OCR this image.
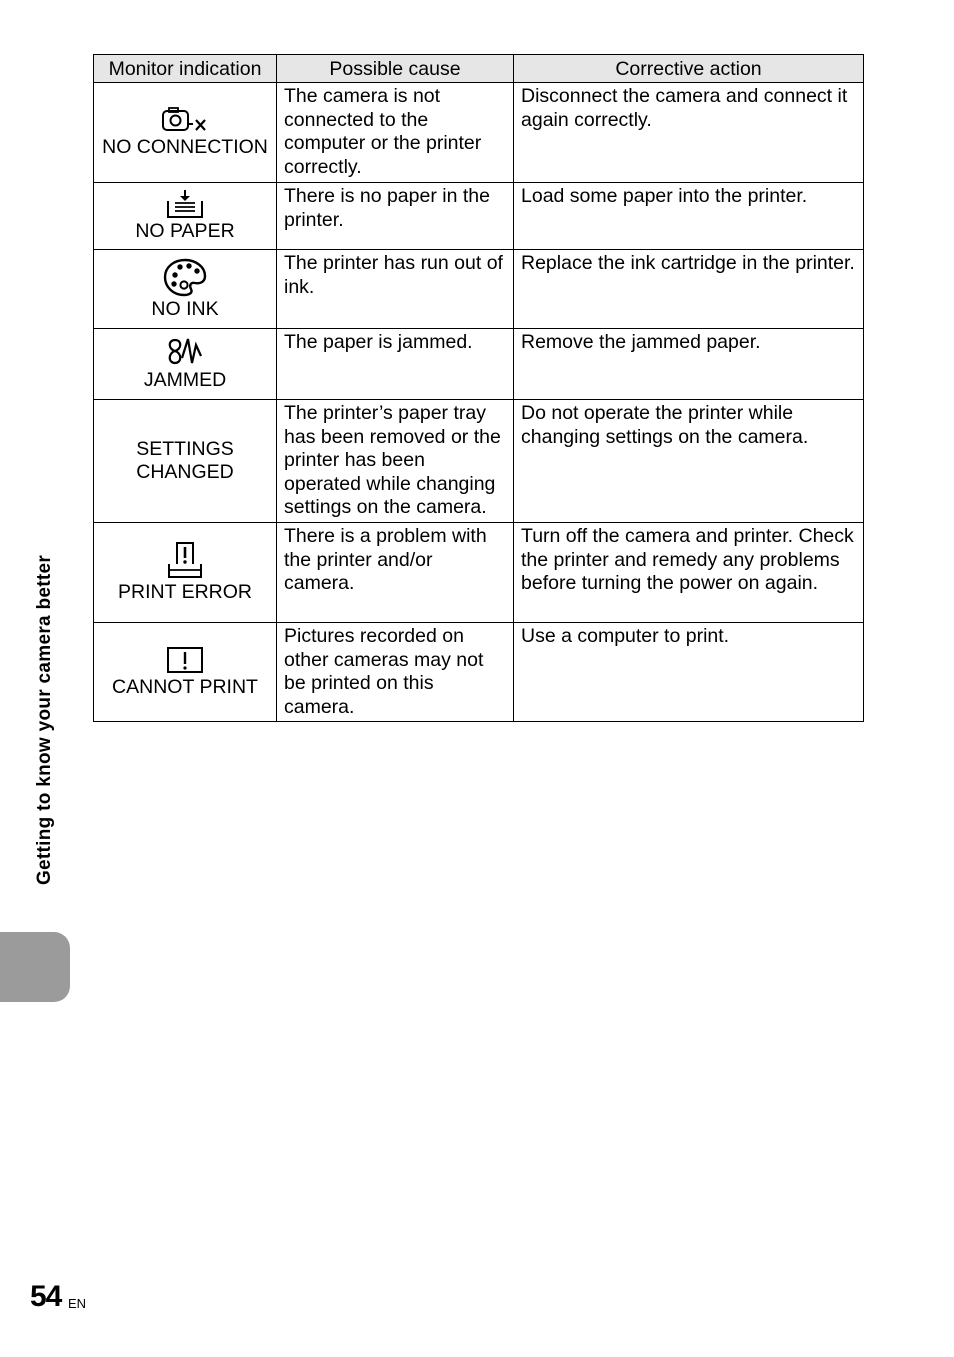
Getting to know your camera better
Monitor indication	Possible cause	Corrective action

NO CONNECTION	The camera is not connected to the computer or the printer correctly.	Disconnect the camera and connect it again correctly.

NO PAPER	There is no paper in the printer.	Load some paper into the printer.

NO INK	The printer has run out of ink.	Replace the ink cartridge in the printer.

JAMMED	The paper is jammed.	Remove the jammed paper.

SETTINGS
CHANGED	The printer’s paper tray has been removed or the printer has been operated while changing settings on the camera.	Do not operate the printer while changing settings on the camera.

PRINT ERROR	There is a problem with the printer and/or camera.	Turn off the camera and printer. Check the printer and remedy any problems before turning the power on again.

CANNOT PRINT	Pictures recorded on other cameras may not be printed on this camera.	Use a computer to print.
54 EN
